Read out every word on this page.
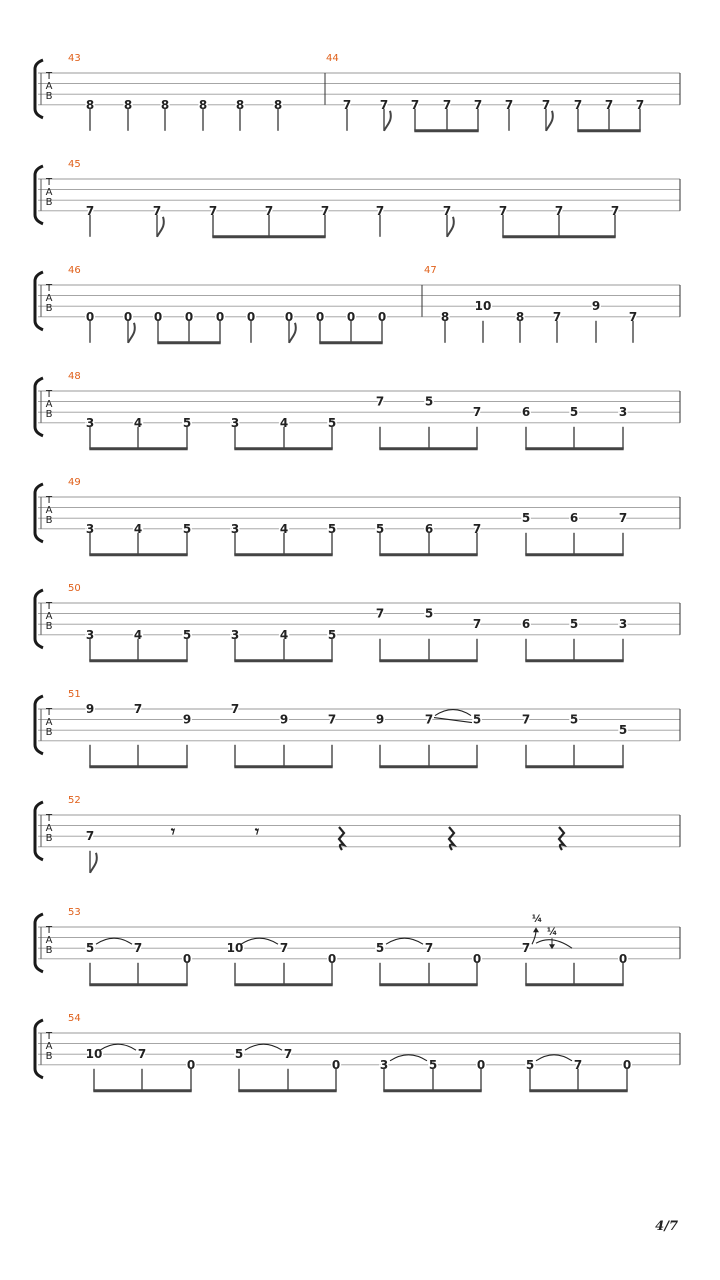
T
A
B
43
8 8 8 8 8 8
44
7 7 7 7 7 7 7 7 7 7
T
A
B
45
7	7	7	7	7	7	7	7	7	7
T
A
B
46
0 0 0 0 0 0 0 0 0 0
47
8
10
8 7
9
7
T
A
B
48
3	4	5	3	4	5
7	5
7	6	5	3
T
A
B
49
3	4	5	3	4	5	5	6	7
5	6	7
T
A
B
50
3	4	5	3	4	5
7	5
7	6	5	3
T
A
B
51
9	7
9
7
9	7	9	7	5	7	5
5
T
A
B
52
7	𝄾	𝄾
T
A
B
53
5	7
0
10	7
0
5	7
0
7
¼
¼
0
T
A
B
54
10	7
0
5	7
0	3	5	0	5	7	0
4/7
